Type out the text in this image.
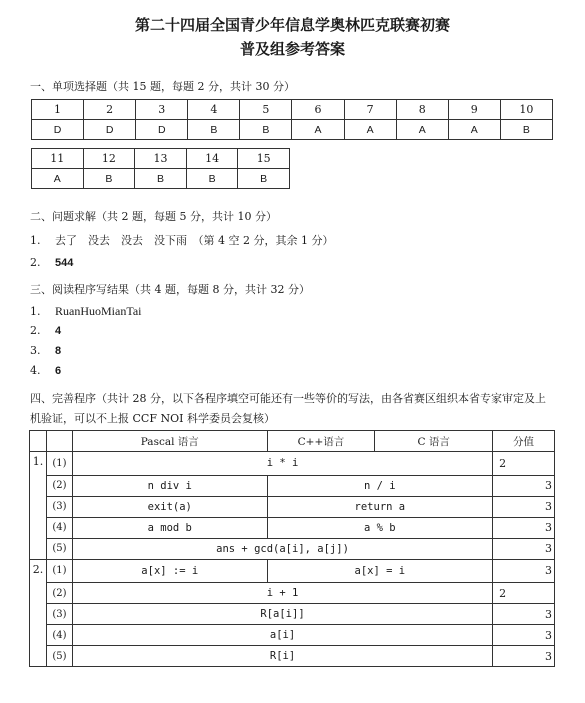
第二十四届全国青少年信息学奥林匹克联赛初赛
普及组参考答案
一、单项选择题（共 15 题，每题 2 分，共计 30 分）
1	2	3	4	5	6	7	8	9	10
D	D	D	B	B	A	A	A	A	B
11	12	13	14	15
A	B	B	B	B
二、问题求解（共 2 题，每题 5 分，共计 10 分）
1. 去了　没去　没去　没下雨　（第 4 空 2 分，其余 1 分）
2. 544
三、阅读程序写结果（共 4 题，每题 8 分，共计 32 分）
1. RuanHuoMianTai
2. 4
3. 8
4. 6
四、完善程序（共计 28 分，以下各程序填空可能还有一些等价的写法，由各省赛区组织本省专家审定及上
机验证，可以不上报 CCF NOI 科学委员会复核）
		Pascal 语言	C++语言	C 语言	分值
1.	(1)	i * i			2
	(2)	n div i	n / i		3
	(3)	exit(a)	return a		3
	(4)	a mod b	a % b		3
	(5)	ans + gcd(a[i], a[j])			3
2.	(1)	a[x] := i	a[x] = i		3
	(2)	i + 1			2
	(3)	R[a[i]]			3
	(4)	a[i]			3
	(5)	R[i]			3
